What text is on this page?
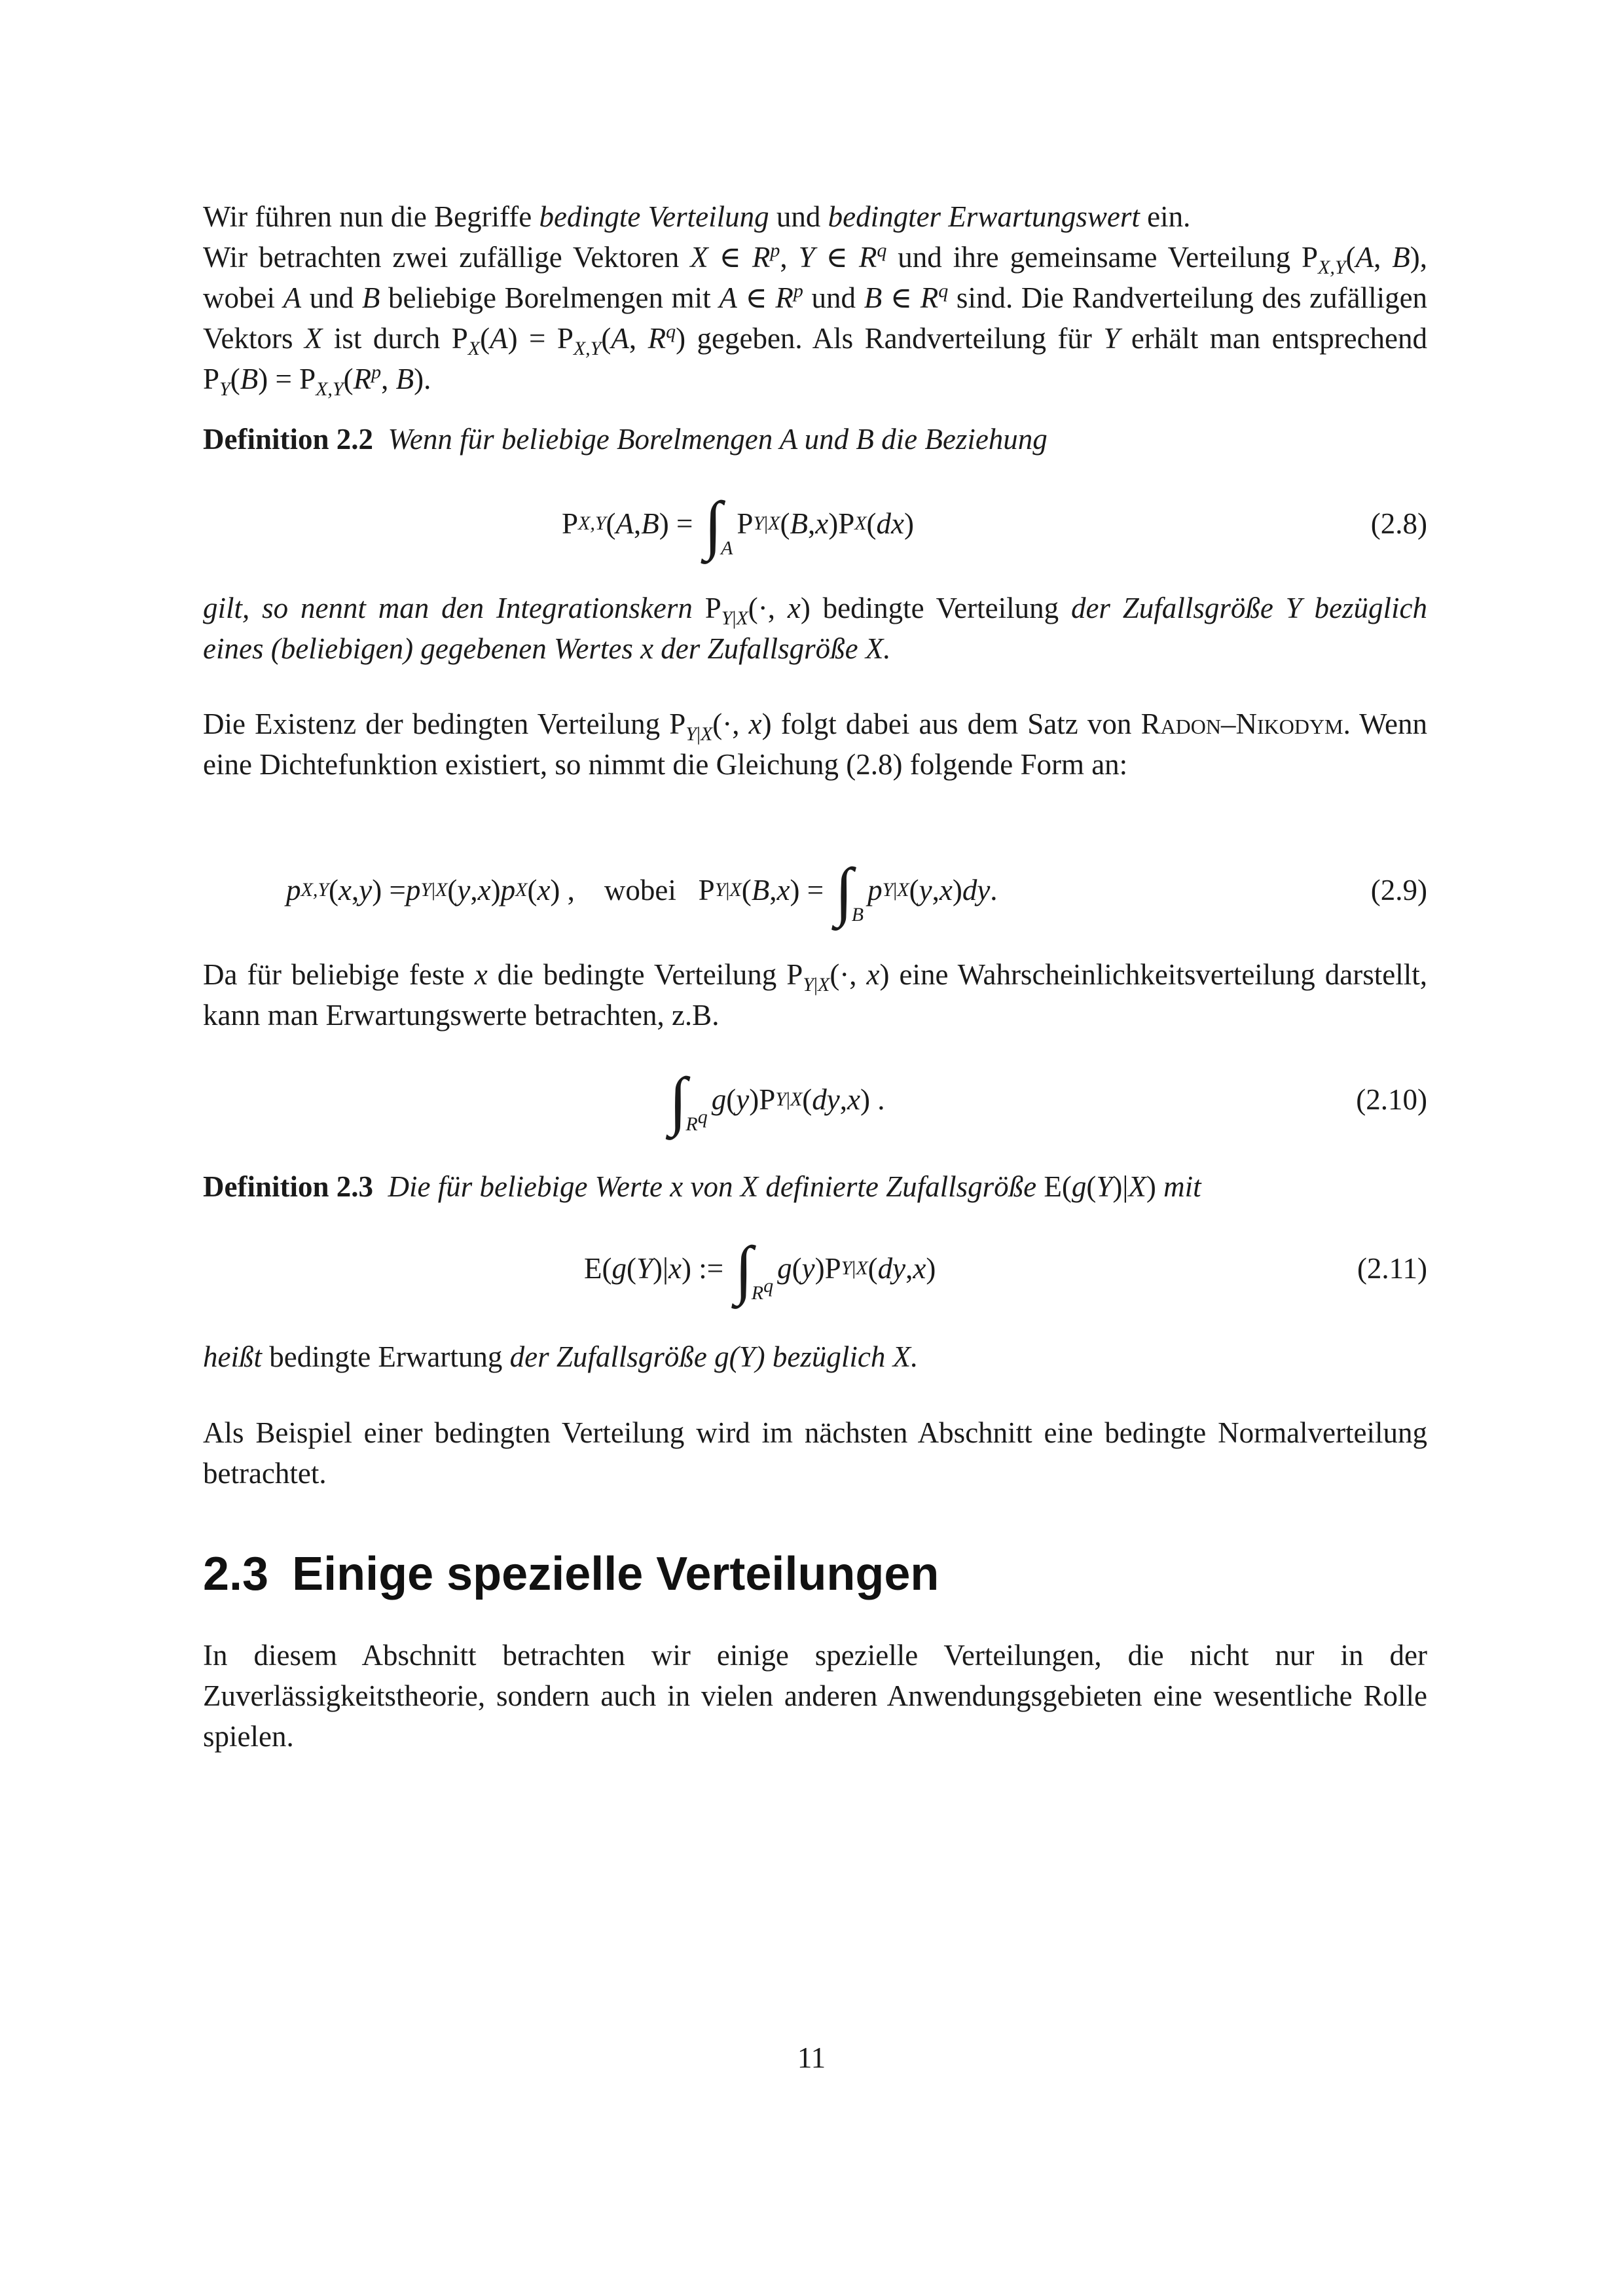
Wir führen nun die Begriffe bedingte Verteilung und bedingter Erwartungswert ein.

Wir betrachten zwei zufällige Vektoren X ∈ $R^p$, Y ∈ $R^q$ und ihre gemeinsame Verteilung $P_{X,Y}(A$, B), wobei A und B beliebige Borelmengen mit A ∈ $R^p$ und B ∈ $R^q$ sind. Die Randverteilung des zufälligen Vektors X ist durch $P_X(A) = P_{X,Y}(A$, $R^q$) gegeben. Als Randverteilung für Y erhält man entsprechend $P_Y(B) = P_{X,Y}(R^p$, B).

Definition 2.2 Wenn für beliebige Borelmengen A und B die Beziehung

P X,Y ( A , B ) = ∫
A
P Y|X ( B , x )P X ( dx )	(2.8)

gilt, so nennt man den Integrationskern $P_{Y|X}(\cdot$, x) bedingte Verteilung der Zufallsgröße Y bezüglich eines (beliebigen) gegebenen Wertes x der Zufallsgröße X.

Die Existenz der bedingten Verteilung $P_{Y|X}(\cdot$, x) folgt dabei aus dem Satz von Radon–Nikodym. Wenn eine Dichtefunktion existiert, so nimmt die Gleichung (2.8) folgende Form an:

p X,Y ( x , y ) = p Y|X ( y , x ) p X ( x ) , wobei P Y|X ( B , x ) = ∫
B
p Y|X ( y , x ) dy .	(2.9)

Da für beliebige feste x die bedingte Verteilung $P_{Y|X}(\cdot$, x) eine Wahrscheinlichkeitsverteilung darstellt, kann man Erwartungswerte betrachten, z.B.

∫
$R^q$
g ( y )P Y|X ( dy , x ) .	(2.10)

Definition 2.3 Die für beliebige Werte x von X definierte Zufallsgröße E(g(Y)|X) mit

E( g ( Y )| x ) := ∫
$R^q$
g ( y )P Y|X ( dy , x )	(2.11)

heißt bedingte Erwartung der Zufallsgröße g(Y) bezüglich X.

Als Beispiel einer bedingten Verteilung wird im nächsten Abschnitt eine bedingte Normalverteilung betrachtet.

2.3 Einige spezielle Verteilungen

In diesem Abschnitt betrachten wir einige spezielle Verteilungen, die nicht nur in der Zuverlässigkeitstheorie, sondern auch in vielen anderen Anwendungsgebieten eine wesentliche Rolle spielen.

11
